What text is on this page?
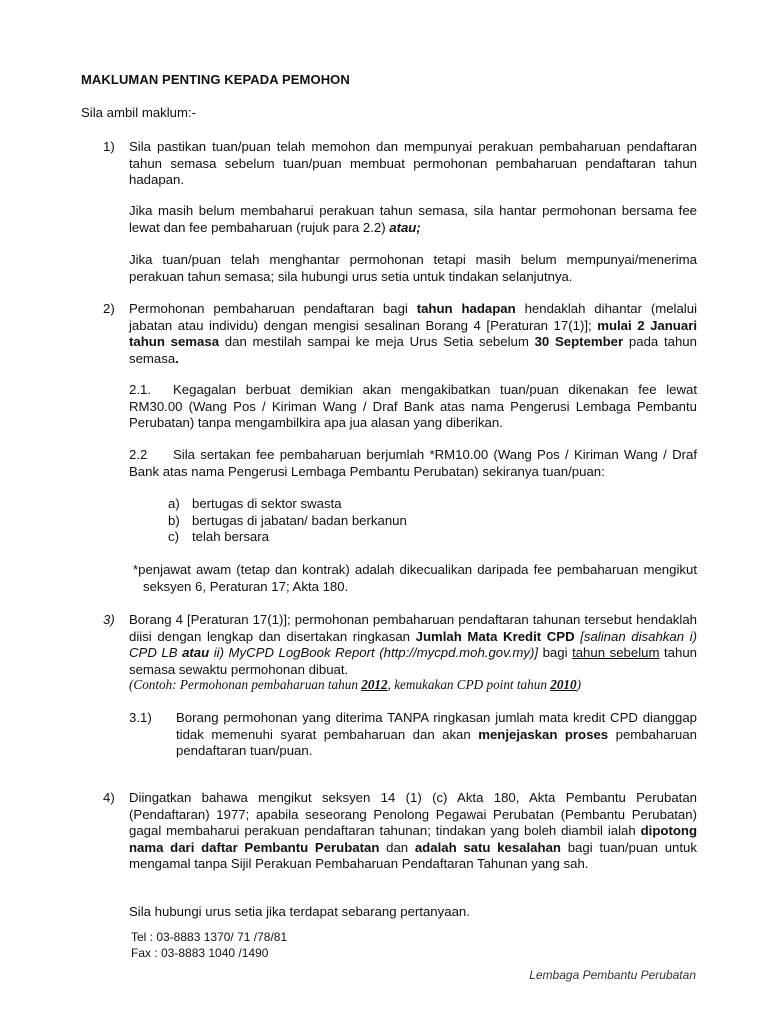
MAKLUMAN PENTING KEPADA PEMOHON
Sila ambil maklum:-
1) Sila pastikan tuan/puan telah memohon dan mempunyai perakuan pembaharuan pendaftaran tahun semasa sebelum tuan/puan membuat permohonan pembaharuan pendaftaran tahun hadapan.
Jika masih belum membaharui perakuan tahun semasa, sila hantar permohonan bersama fee lewat dan fee pembaharuan (rujuk para 2.2) atau;
Jika tuan/puan telah menghantar permohonan tetapi masih belum mempunyai/menerima perakuan tahun semasa; sila hubungi urus setia untuk tindakan selanjutnya.
2) Permohonan pembaharuan pendaftaran bagi tahun hadapan hendaklah dihantar (melalui jabatan atau individu) dengan mengisi sesalinan Borang 4 [Peraturan 17(1)]; mulai 2 Januari tahun semasa dan mestilah sampai ke meja Urus Setia sebelum 30 September pada tahun semasa.
2.1. Kegagalan berbuat demikian akan mengakibatkan tuan/puan dikenakan fee lewat RM30.00 (Wang Pos / Kiriman Wang / Draf Bank atas nama Pengerusi Lembaga Pembantu Perubatan) tanpa mengambilkira apa jua alasan yang diberikan.
2.2 Sila sertakan fee pembaharuan berjumlah *RM10.00 (Wang Pos / Kiriman Wang / Draf Bank atas nama Pengerusi Lembaga Pembantu Perubatan) sekiranya tuan/puan:
a) bertugas di sektor swasta
b) bertugas di jabatan/ badan berkanun
c) telah bersara
*penjawat awam (tetap dan kontrak) adalah dikecualikan daripada fee pembaharuan mengikut seksyen 6, Peraturan 17; Akta 180.
3) Borang 4 [Peraturan 17(1)]; permohonan pembaharuan pendaftaran tahunan tersebut hendaklah diisi dengan lengkap dan disertakan ringkasan Jumlah Mata Kredit CPD [salinan disahkan i) CPD LB atau ii) MyCPD LogBook Report (http://mycpd.moh.gov.my)] bagi tahun sebelum tahun semasa sewaktu permohonan dibuat.
(Contoh: Permohonan pembaharuan tahun 2012, kemukakan CPD point tahun 2010)
3.1) Borang permohonan yang diterima TANPA ringkasan jumlah mata kredit CPD dianggap tidak memenuhi syarat pembaharuan dan akan menjejaskan proses pembaharuan pendaftaran tuan/puan.
4) Diingatkan bahawa mengikut seksyen 14 (1) (c) Akta 180, Akta Pembantu Perubatan (Pendaftaran) 1977; apabila seseorang Penolong Pegawai Perubatan (Pembantu Perubatan) gagal membaharui perakuan pendaftaran tahunan; tindakan yang boleh diambil ialah dipotong nama dari daftar Pembantu Perubatan dan adalah satu kesalahan bagi tuan/puan untuk mengamal tanpa Sijil Perakuan Pembaharuan Pendaftaran Tahunan yang sah.
Sila hubungi urus setia jika terdapat sebarang pertanyaan.
Tel : 03-8883 1370/ 71 /78/81
Fax : 03-8883 1040 /1490
Lembaga Pembantu Perubatan
